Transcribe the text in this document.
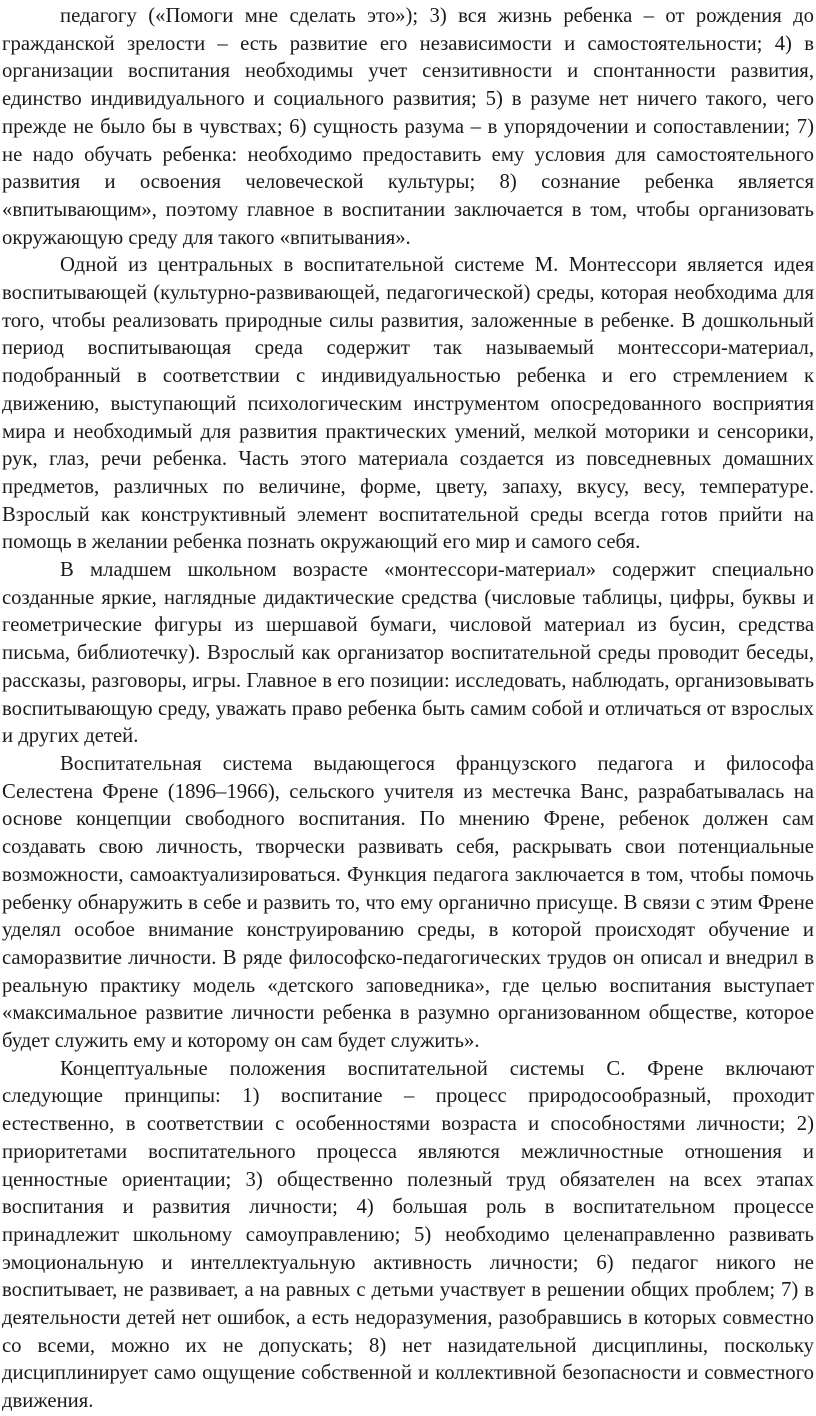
педагогу («Помоги мне сделать это»); 3) вся жизнь ребенка – от рождения до гражданской зрелости – есть развитие его независимости и самостоятельности; 4) в организации воспитания необходимы учет сензитивности и спонтанности развития, единство индивидуального и социального развития; 5) в разуме нет ничего такого, чего прежде не было бы в чувствах; 6) сущность разума – в упорядочении и сопоставлении; 7) не надо обучать ребенка: необходимо предоставить ему условия для самостоятельного развития и освоения человеческой культуры; 8) сознание ребенка является «впитывающим», поэтому главное в воспитании заключается в том, чтобы организовать окружающую среду для такого «впитывания».

Одной из центральных в воспитательной системе М. Монтессори является идея воспитывающей (культурно-развивающей, педагогической) среды, которая необходима для того, чтобы реализовать природные силы развития, заложенные в ребенке. В дошкольный период воспитывающая среда содержит так называемый монтессори-материал, подобранный в соответствии с индивидуальностью ребенка и его стремлением к движению, выступающий психологическим инструментом опосредованного восприятия мира и необходимый для развития практических умений, мелкой моторики и сенсорики, рук, глаз, речи ребенка. Часть этого материала создается из повседневных домашних предметов, различных по величине, форме, цвету, запаху, вкусу, весу, температуре. Взрослый как конструктивный элемент воспитательной среды всегда готов прийти на помощь в желании ребенка познать окружающий его мир и самого себя.

В младшем школьном возрасте «монтессори-материал» содержит специально созданные яркие, наглядные дидактические средства (числовые таблицы, цифры, буквы и геометрические фигуры из шершавой бумаги, числовой материал из бусин, средства письма, библиотечку). Взрослый как организатор воспитательной среды проводит беседы, рассказы, разговоры, игры. Главное в его позиции: исследовать, наблюдать, организовывать воспитывающую среду, уважать право ребенка быть самим собой и отличаться от взрослых и других детей.

Воспитательная система выдающегося французского педагога и философа Селестена Френе (1896–1966), сельского учителя из местечка Ванс, разрабатывалась на основе концепции свободного воспитания. По мнению Френе, ребенок должен сам создавать свою личность, творчески развивать себя, раскрывать свои потенциальные возможности, самоактуализироваться. Функция педагога заключается в том, чтобы помочь ребенку обнаружить в себе и развить то, что ему органично присуще. В связи с этим Френе уделял особое внимание конструированию среды, в которой происходят обучение и саморазвитие личности. В ряде философско-педагогических трудов он описал и внедрил в реальную практику модель «детского заповедника», где целью воспитания выступает «максимальное развитие личности ребенка в разумно организованном обществе, которое будет служить ему и которому он сам будет служить».

Концептуальные положения воспитательной системы С. Френе включают следующие принципы: 1) воспитание – процесс природосообразный, проходит естественно, в соответствии с особенностями возраста и способностями личности; 2) приоритетами воспитательного процесса являются межличностные отношения и ценностные ориентации; 3) общественно полезный труд обязателен на всех этапах воспитания и развития личности; 4) большая роль в воспитательном процессе принадлежит школьному самоуправлению; 5) необходимо целенаправленно развивать эмоциональную и интеллектуальную активность личности; 6) педагог никого не воспитывает, не развивает, а на равных с детьми участвует в решении общих проблем; 7) в деятельности детей нет ошибок, а есть недоразумения, разобравшись в которых совместно со всеми, можно их не допускать; 8) нет назидательной дисциплины, поскольку дисциплинирует само ощущение собственной и коллективной безопасности и совместного движения.
